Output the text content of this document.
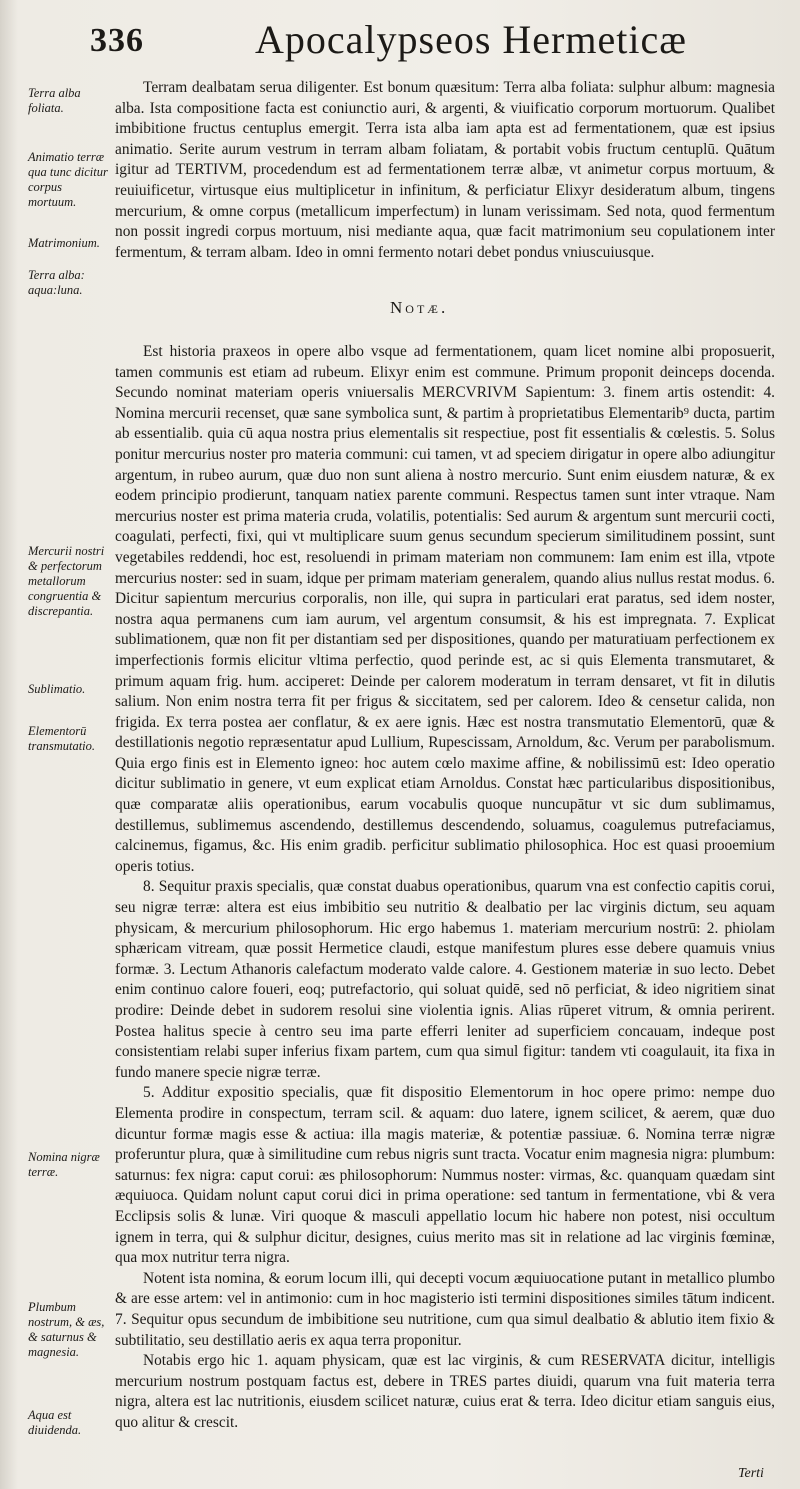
336	Apocalypseos Hermeticæ
Terra alba foliata.
Animatio terræ qua tunc dicitur corpus mortuum.
Matrimonium.
Terra alba: aqua:luna.
Mercurii nostri & perfectorum metallorum congruentia & discrepantia.
Sublimatio.
Elementorū transmutatio.
Nomina nigræ terræ.
Plumbum nostrum, & æs, & saturnus & magnesia.
Aqua est diuidenda.

Terram dealbatam serua diligenter. Est bonum quæsitum: Terra alba foliata: sulphur album: magnesia alba. Ista compositione facta est coniunctio auri, & argenti, & viuificatio corporum mortuorum. Qualibet imbibitione fructus centuplus emergit. Terra ista alba iam apta est ad fermentationem, quæ est ipsius animatio. Serite aurum vestrum in terram albam foliatam, & portabit vobis fructum centuplū. Quātum igitur ad TERTIVM, procedendum est ad fermentationem terræ albæ, vt animetur corpus mortuum, & reuiuificetur, virtusque eius multiplicetur in infinitum, & perficiatur Elixyr desideratum album, tingens mercurium, & omne corpus (metallicum imperfectum) in lunam verissimam. Sed nota, quod fermentum non possit ingredi corpus mortuum, nisi mediante aqua, quæ facit matrimonium seu copulationem inter fermentum, & terram albam. Ideo in omni fermento notari debet pondus vniuscuiusque.

Notæ.

Est historia praxeos in opere albo vsque ad fermentationem, quam licet nomine albi proposuerit, tamen communis est etiam ad rubeum. Elixyr enim est commune. Primum proponit deinceps docenda. Secundo nominat materiam operis vniuersalis MERCVRIVM Sapientum: 3. finem artis ostendit: 4. Nomina mercurii recenset, quæ sane symbolica sunt, & partim à proprietatibus Elementarib⁹ ducta, partim ab essentialib. quia cū aqua nostra prius elementalis sit respectiue, post fit essentialis & cœlestis. 5. Solus ponitur mercurius noster pro materia communi: cui tamen, vt ad speciem dirigatur in opere albo adiungitur argentum, in rubeo aurum, quæ duo non sunt aliena à nostro mercurio. Sunt enim eiusdem naturæ, & ex eodem principio prodierunt, tanquam natiex parente communi. Respectus tamen sunt inter vtraque. Nam mercurius noster est prima materia cruda, volatilis, potentialis: Sed aurum & argentum sunt mercurii cocti, coagulati, perfecti, fixi, qui vt multiplicare suum genus secundum specierum similitudinem possint, sunt vegetabiles reddendi, hoc est, resoluendi in primam materiam non communem: Iam enim est illa, vtpote mercurius noster: sed in suam, idque per primam materiam generalem, quando alius nullus restat modus. 6. Dicitur sapientum mercurius corporalis, non ille, qui supra in particulari erat paratus, sed idem noster, nostra aqua permanens cum iam aurum, vel argentum consumsit, & his est impregnata. 7. Explicat sublimationem, quæ non fit per distantiam sed per dispositiones, quando per maturatiuam perfectionem ex imperfectionis formis elicitur vltima perfectio, quod perinde est, ac si quis Elementa transmutaret, & primum aquam frig. hum. acciperet: Deinde per calorem moderatum in terram densaret, vt fit in dilutis salium. Non enim nostra terra fit per frigus & siccitatem, sed per calorem. Ideo & censetur calida, non frigida. Ex terra postea aer conflatur, & ex aere ignis. Hæc est nostra transmutatio Elementorū, quæ & destillationis negotio repræsentatur apud Lullium, Rupescissam, Arnoldum, &c. Verum per parabolismum. Quia ergo finis est in Elemento igneo: hoc autem cœlo maxime affine, & nobilissimū est: Ideo operatio dicitur sublimatio in genere, vt eum explicat etiam Arnoldus. Constat hæc particularibus dispositionibus, quæ comparatæ aliis operationibus, earum vocabulis quoque nuncupātur vt sic dum sublimamus, destillemus, sublimemus ascendendo, destillemus descendendo, soluamus, coagulemus putrefaciamus, calcinemus, figamus, &c. His enim gradib. perficitur sublimatio philosophica. Hoc est quasi prooemium operis totius.

8. Sequitur praxis specialis, quæ constat duabus operationibus, quarum vna est confectio capitis corui, seu nigræ terræ: altera est eius imbibitio seu nutritio & dealbatio per lac virginis dictum, seu aquam physicam, & mercurium philosophorum. Hic ergo habemus 1. materiam mercurium nostrū: 2. phiolam sphæricam vitream, quæ possit Hermetice claudi, estque manifestum plures esse debere quamuis vnius formæ. 3. Lectum Athanoris calefactum moderato valde calore. 4. Gestionem materiæ in suo lecto. Debet enim continuo calore foueri, eoq; putrefactorio, qui soluat quidē, sed nō perficiat, & ideo nigritiem sinat prodire: Deinde debet in sudorem resolui sine violentia ignis. Alias rūperet vitrum, & omnia perirent. Postea halitus specie à centro seu ima parte efferri leniter ad superficiem concauam, indeque post consistentiam relabi super inferius fixam partem, cum qua simul figitur: tandem vti coagulauit, ita fixa in fundo manere specie nigræ terræ.

5. Additur expositio specialis, quæ fit dispositio Elementorum in hoc opere primo: nempe duo Elementa prodire in conspectum, terram scil. & aquam: duo latere, ignem scilicet, & aerem, quæ duo dicuntur formæ magis esse & actiua: illa magis materiæ, & potentiæ passiuæ. 6. Nomina terræ nigræ proferuntur plura, quæ à similitudine cum rebus nigris sunt tracta. Vocatur enim magnesia nigra: plumbum: saturnus: fex nigra: caput corui: æs philosophorum: Nummus noster: virmas, &c. quanquam quædam sint æquiuoca. Quidam nolunt caput corui dici in prima operatione: sed tantum in fermentatione, vbi & vera Ecclipsis solis & lunæ. Viri quoque & masculi appellatio locum hic habere non potest, nisi occultum ignem in terra, qui & sulphur dicitur, designes, cuius merito mas sit in relatione ad lac virginis fœminæ, qua mox nutritur terra nigra.

Notent ista nomina, & eorum locum illi, qui decepti vocum æquiuocatione putant in metallico plumbo & are esse artem: vel in antimonio: cum in hoc magisterio isti termini dispositiones similes tātum indicent. 7. Sequitur opus secundum de imbibitione seu nutritione, cum qua simul dealbatio & ablutio item fixio & subtilitatio, seu destillatio aeris ex aqua terra proponitur.

Notabis ergo hic 1. aquam physicam, quæ est lac virginis, & cum RESERVATA dicitur, intelligis mercurium nostrum postquam factus est, debere in TRES partes diuidi, quarum vna fuit materia terra nigra, altera est lac nutritionis, eiusdem scilicet naturæ, cuius erat & terra. Ideo dicitur etiam sanguis eius, quo alitur & crescit.

Terti
